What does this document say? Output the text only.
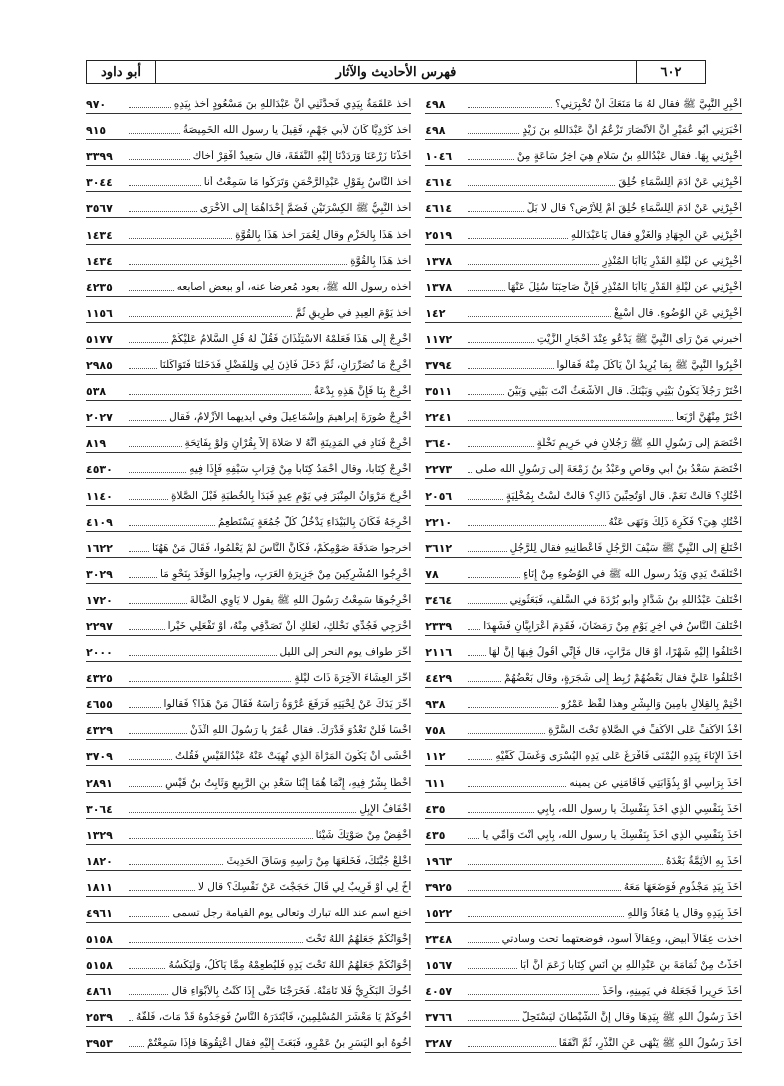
أبو داود	فهرس الأحاديث والآثار	٦٠٢
٩٧٠	أخذ عَلْقَمَةُ بِيَدِي فَحدَّثَنِي أنَّ عَبْدَاللهِ بنَ مَسْعُودٍ أخذ بِيَدِهِ
٩١٥	أخذ كُرْدِيًّا كَانَ لأبي جَهْمٍ، فَقِيلَ يا رسول الله الخَمِيصَةُ
٣٣٩٩	أخَذْنَا زَرْعَنَا وَرَدَدْنَا إِلَيْهِ النَّفَقَةَ، قال سَعِيدٌ أَفْقِرْ أخاك
٣٠٤٤	أخذ النَّاسُ بِقَوْلِ عَبْدِالرَّحْمَنِ وَتَرَكُوا مَا سَمِعْتُ أنا
٣٥٦٧	أخذ النَّبِيُّ ﷺ الكِسْرَتَيْنِ فَضَمَّ إِحْدَاهُمَا إِلَى الأُخْرَى
١٤٣٤	أخذ هَذَا بِالحَزْمِ وقال لِعُمَرَ أخذ هَذَا بِالقُوَّةِ
١٤٣٤	أخذ هَذَا بِالقُوَّةِ
٤٢٣٥	أخذه رسول الله ﷺ، بعود مُعرضاً عنه، أو ببعض أصابعه
١١٥٦	أخذ يَوْمَ العِيدِ في طَرِيقٍ ثُمَّ
٥١٧٧	أخْرِجْ إِلَى هَذَا فَعَلِّمْهُ الاسْتِئْذَانَ فَقُلْ لَهُ قُلِ السَّلامُ عَلَيْكُمْ
٢٩٨٥	أخْرِجْ مَا تُصَرِّرَانِ، ثُمَّ دَخَلَ فَأَذِنَ لِي وَلِلْفَضْلِ فَدَخَلْنَا فَتَوَاكَلْنَا
٥٣٨	أخْرِجْ بِنَا فَإِنَّ هَذِهِ بِدْعَةٌ
٢٠٢٧	أخْرِجْ صُورَةَ إبراهيمَ وإسْمَاعِيلَ وفي أيديهما الأزْلامُ، فَقال
٨١٩	أخْرِجْ فَنَادِ في المَدِينَةِ أنَّهُ لا صَلاةَ إلاَّ بِقُرْآنٍ وَلَوْ بِفَاتِحَةِ
٤٥٣٠	أخْرِجْ كِتَاباً، وقال أحْمَدُ كِتَاباً مِنْ قِرَابِ سَيْفِهِ فَإِذَا فِيهِ
١١٤٠	أخْرِجَ مَرْوَانُ المِنْبَرَ فِي يَوْمِ عِيدٍ فَبَدَأَ بِالخُطْبَةِ قَبْلَ الصَّلاةِ
٤١٠٩	أخْرِجَهُ فَكَانَ بِالبَيْدَاءِ يَدْخُلُ كُلَّ جُمُعَةٍ يَسْتَطْعِمُ
١٦٢٢	أخرجوا صَدَقَةَ صَوْمِكُمْ، فَكَأَنَّ النَّاسَ لَمْ يَعْلَمُوا، فَقَالَ مَنْ هَهُنَا
٣٠٢٩	أخْرِجُوا المُشْرِكِينَ مِنْ جَزِيرَةِ العَرَبِ، وأجِيزُوا الوَفْدَ بِنَحْوِ مَا
١٧٢٠	أخْرِجُوهَا سَمِعْتُ رَسُولَ اللهِ ﷺ يقول لا يَأْوِي الضَّالَّةَ
٢٢٩٧	أخْرَجِي فَجُدِّي نَخْلَكِ، لَعَلَّكِ أنْ تَصَدَّقِي مِنْهُ، أوْ تَفْعَلِي خَيْراً
٢٠٠٠	أخَّرَ طواف يوم النحر إلى الليل
٤٣٢٥	أخَّرَ العِشَاءَ الآخِرَةَ ذَاتَ لَيْلَةٍ
٤٦٥٥	أخَّرَ يَدَكَ عَنْ لِحْيَتِهِ فَرَفَعَ عُرْوَةُ رَأْسَهُ فَقَالَ مَنْ هَذَا؟ فَقالوا
٤٣٢٩	اخْسَأْ فَلَنْ تَعْدُوَ قَدْرَكَ. فقال عُمَرُ يا رَسُولَ اللهِ ائْذَنْ
٣٧٠٩	أخْشَى أنْ يَكُونَ المَرْأَةَ الَّذِي نُهِيَتْ عَنْهُ عَبْدُالقَيْسِ فَقُلْتُ
٢٨٩١	أخْطَأَ بِشْرٌ فِيهِ، إِنَّمَا هُمَا إِبْنَا سَعْدِ بنِ الرَّبِيعِ وَثَابِتُ بنُ قَيْسٍ
٣٠٦٤	أخْفَافُ الإِبِلِ
١٣٢٩	أخْفِضْ مِنْ صَوْتِكَ شَيْئاً
١٨٢٠	اخْلَعْ جُبَّتَكَ، فَخَلَعَهَا مِنْ رَأْسِهِ وَسَاقَ الحَدِيثَ
١٨١١	أخٌ لِي أوْ قَرِيبٌ لِي قَالَ حَجَجْتَ عَنْ نَفْسِكَ؟ قال لا
٤٩٦١	اخنع اسم عند الله تبارك وتعالى يوم القيامة رجل تسمى
٥١٥٨	إخْوَانُكُمْ جَعَلَهُمُ اللهُ تَحْتَ
٥١٥٨	إخْوَانُكُمْ جَعَلَهُمُ اللهُ تَحْتَ يَدِهِ فَلْيُطْعِمْهُ مِمَّا يَأْكُلُ، وَلْيَكْسُهُ
٤٨٦١	أخُوكَ البَكْرِيُّ فَلا تَأْمَنْهُ. فَخَرَجْنَا حَتَّى إِذَا كُنْتُ بِالأَبْوَاءِ قال
٢٥٣٩	أخُوكُمْ يَا مَعْشَرَ المُسْلِمِينَ، فَابْتَدَرَهُ النَّاسُ فَوَجَدُوهُ قَدْ مَاتَ، فَلَفُّهُ
٣٩٥٣	أخُوهُ أبو اليَسَرِ بنُ عَمْرٍو، فَبَعَثَ إِلَيْهِ فقال أعْتِقُوهَا فإذَا سَمِعْتُمْ
٤٩٨	أخْبِرِ النَّبِيَّ ﷺ فقال لهُ مَا مَنَعَكَ أنْ تُخْبِرَنِي؟
٤٩٨	أخْبَرَنِي أبُو عُمَيْرٍ أنَّ الأنْصَارَ تَزْعُمُ أنَّ عَبْدَاللهِ بنَ زَيْدٍ
١٠٤٦	أخْبِرْنِي بِهَا. فقال عَبْدُاللهِ بنُ سَلامٍ هِيَ آخِرُ سَاعَةٍ مِنْ
٤٦١٤	أخْبِرْنِي عَنْ آدَمَ أَلِلسَّمَاءِ خُلِقَ
٤٦١٤	أخْبِرْنِي عَنْ آدَمَ أَلِلسَّمَاءِ خُلِقَ أمْ لِلأرْضِ؟ قال لا بَلْ
٢٥١٩	أخْبِرْنِي عَنِ الجِهَادِ وَالغَزْوِ فقال يَاعَبْدَاللهِ
١٣٧٨	أخْبِرْنِي عن لَيْلَةِ القَدْرِ يَاأبَا المُنْذِرِ
١٣٧٨	أخْبِرْنِي عن لَيْلَةِ القَدْرِ يَاأبَا المُنْذِرِ فَإِنَّ صَاحِبَنَا سُئِلَ عَنْهَا
١٤٢	أخْبِرْنِي عَنِ الوُضُوءِ. قال أسْبِغْ
١١٧٢	أخبرني مَنْ رَأَى النَّبِيَّ ﷺ يَدْعُو عِنْدَ أحْجَارِ الزَّيْتِ
٣٧٩٤	أخْبِرُوا النَّبِيَّ ﷺ بِمَا يُرِيدُ أنْ يَأْكُلَ مِنْهُ فَقالُوا
٣٥١١	اخْتَرْ رَجُلاً يَكُونُ بَيْنِي وَبَيْنَكَ. قال الأشْعَثُ أنْتَ بَيْنِي وَبَيْنَ
٢٢٤١	اخْتَرْ مِنْهُنَّ أرْبَعاً
٣٦٤٠	اخْتَصَمَ إلَى رَسُولِ اللهِ ﷺ رَجُلانِ في حَرِيمِ نَخْلَةٍ
٢٢٧٣	اخْتَصَمَ سَعْدُ بنُ أبي وقاصٍ وعَبْدُ بنُ زَمْعَةَ إلَى رَسُولِ الله صلى
٢٠٥٦	أخْتُكِ؟ قالَتْ نَعَمْ. قال أوَتُحِبِّينَ ذَاكِ؟ قالَتْ لَسْتُ بِمُخْلِيَةٍ
٢٢١٠	أخْتُكِ هِيَ؟ فَكَرِهَ ذَلِكَ وَنَهَى عَنْهُ
٣٦١٢	اخْتَلَعَ إلَى النَّبِيِّ ﷺ سَيْفَ الرَّجُلِ فَأعْطَانِيهِ فقال لِلرَّجُلِ
٧٨	اخْتَلَفَتْ يَدِي وَيَدُ رسول الله ﷺ في الوُضُوءِ مِنْ إِنَاءٍ
٣٤٦٤	اخْتَلَفَ عَبْدُاللهِ بنُ شَدَّادٍ وأبو بُرْدَةَ في السَّلَفِ، فَبَعَثُونِي
٢٣٣٩	اخْتَلَفَ النَّاسُ في آخِرِ يَوْمٍ مِنْ رَمَضَانَ، فَقَدِمَ أعْرَابِيَّانِ فَشَهِدَا
٢١١٦	اخْتَلَفُوا إلَيْهِ شَهْرًا، أوْ قال مَرَّاتٍ، قال فَإِنِّي أقُولُ فِيهَا إنَّ لَهَا
٤٤٢٩	اخْتَلَفُوا عَلَيَّ فقال بَعْضُهُمْ رُبِطَ إِلَى شَجَرَةٍ، وقال بَعْضُهُمْ
٩٣٨	اخْتِمْ بِالقِلالِ بآمِينَ وَالبِشْرِ وهذا لَفْظُ عَمْرُو
٧٥٨	أخْذُ الأكُفِّ عَلَى الأكُفِّ في الصَّلاةِ تَحْتَ السُّرَّةِ
١١٢	أخَذَ الإِنَاءَ بِيَدِهِ اليُمْنَى فَأفْرَغَ عَلَى يَدِهِ اليُسْرَى وَغَسَلَ كَفَّيْهِ
٦١١	أخَذَ بِرَأْسِي أوْ بِذُؤَابَتِي فَأقَامَنِي عن يمينه
٤٣٥	أخَذَ بِنَفْسِي الَّذِي أخَذَ بِنَفْسِكَ يا رسول الله، بِأبِي
٤٣٥	أخَذَ بِنَفْسِي الَّذِي أخَذَ بِنَفْسِكَ يا رسول الله، بِأبِي أنْتَ وَأُمِّي يا
١٩٦٣	أخَذَ بِهِ الأئِمَّةُ بَعْدَهُ
٣٩٢٥	أخَذَ بِيَدِ مَجْذُومٍ فَوَضَعَهَا مَعَهُ
١٥٢٢	أخَذَ بِيَدِهِ وقال يا مُعَاذُ وَاللهِ
٢٣٤٨	اخذت عِقَالاً أبيض، وعِقالاً أسود، فوضعتهما تحت وسادتي
١٥٦٧	أخَذْتُ مِنْ ثُمَامَةَ بنِ عَبْدِاللهِ بنِ أنَسٍ كِتَاباً زَعَمَ أنَّ أبَا
٤٠٥٧	أخَذَ حَرِيراً فَجَعَلَهُ في يَمِينِهِ، وأخَذَ
٣٧٦٦	أخَذَ رَسُولُ اللهِ ﷺ بِيَدِهَا وقال إنَّ الشَّيْطَانَ لَيَسْتَحِلُّ
٣٢٨٧	أخَذَ رَسُولُ اللهِ ﷺ يَنْهَى عَنِ النَّذْرِ، ثُمَّ اتَّفَقَا
